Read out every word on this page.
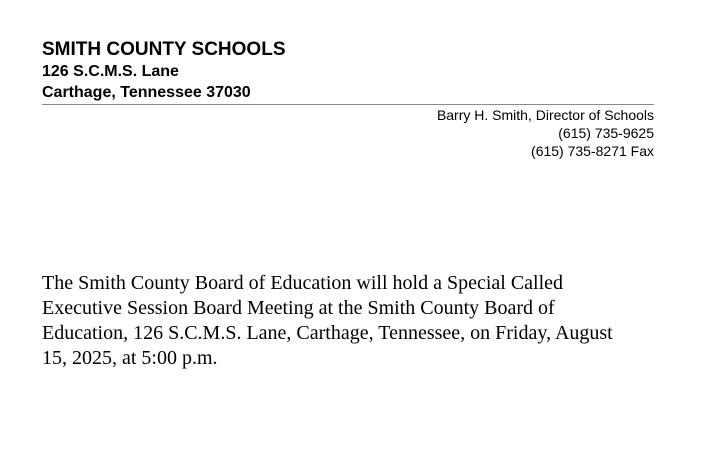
SMITH COUNTY SCHOOLS
126 S.C.M.S. Lane
Carthage, Tennessee 37030
Barry H. Smith, Director of Schools
(615) 735-9625
(615) 735-8271 Fax

The Smith County Board of Education will hold a Special Called Executive Session Board Meeting at the Smith County Board of Education, 126 S.C.M.S. Lane, Carthage, Tennessee, on Friday, August 15, 2025, at 5:00 p.m.
